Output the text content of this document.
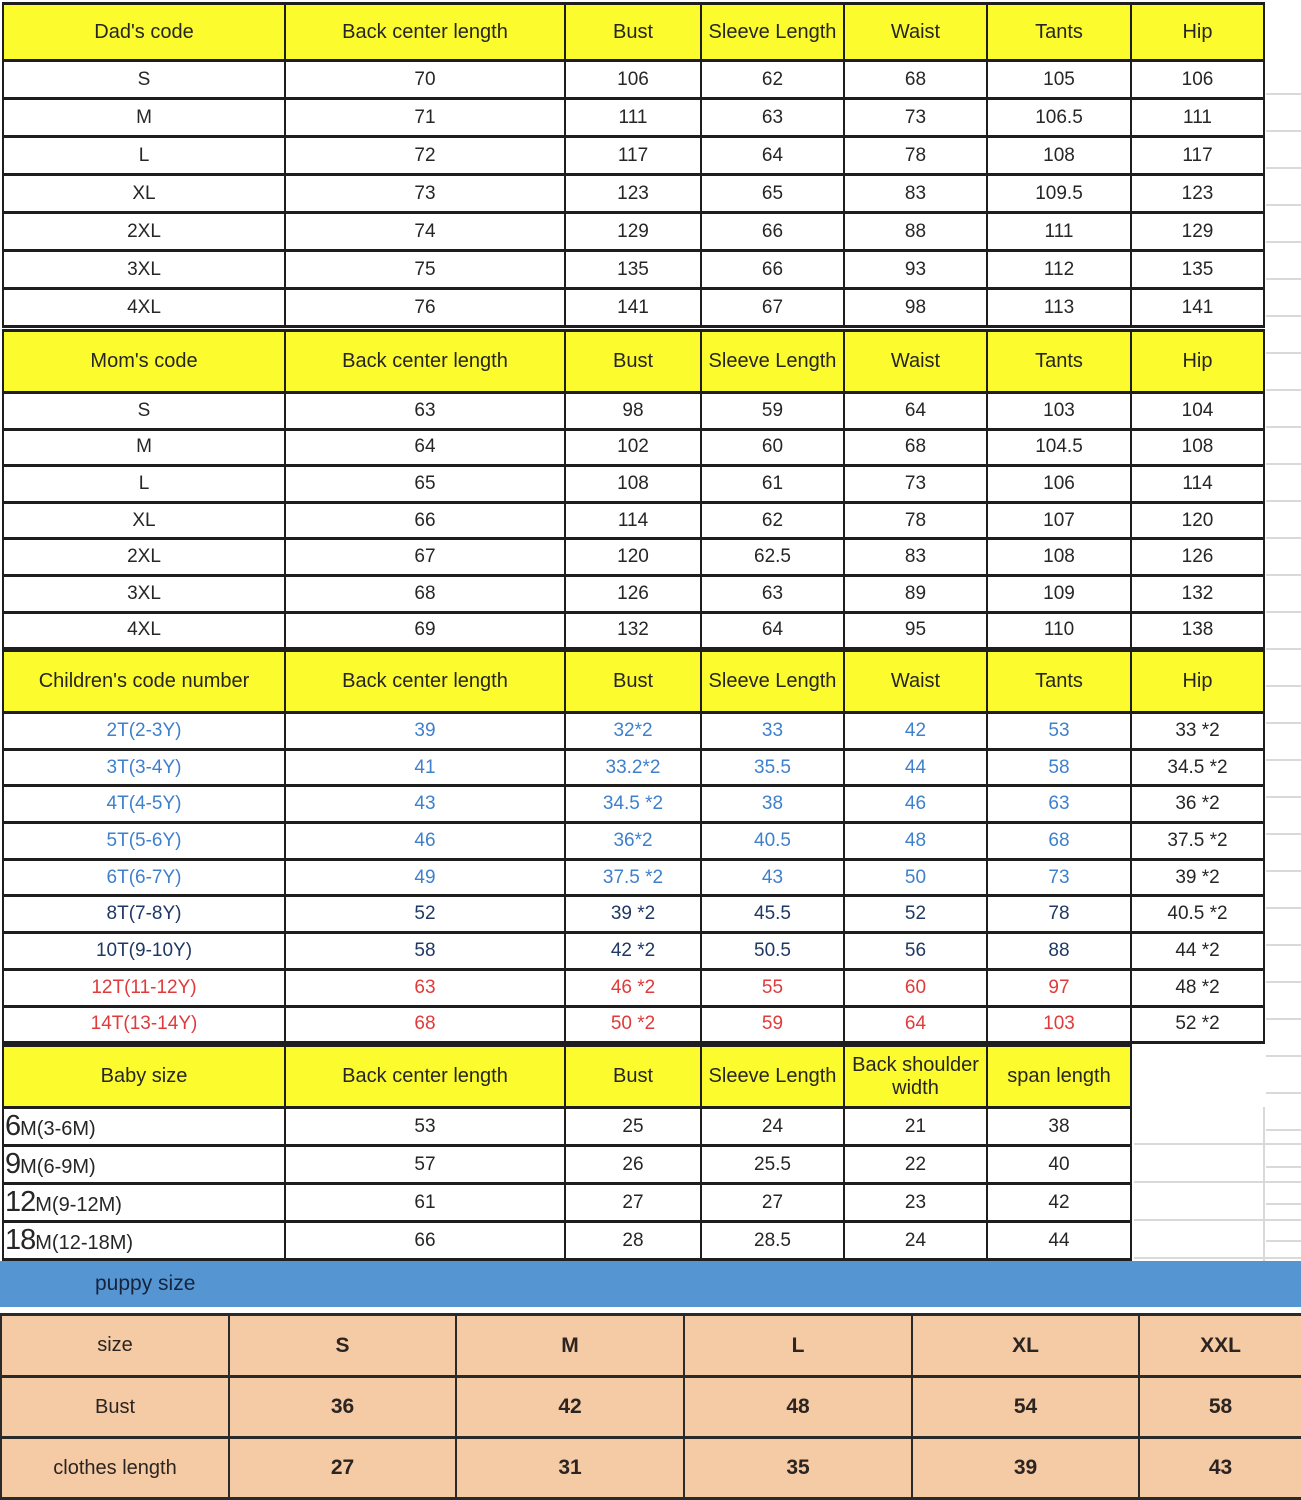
Dad's code	Back center length	Bust	Sleeve Length	Waist	Tants	Hip
S	70	106	62	68	105	106
M	71	111	63	73	106.5	111
L	72	117	64	78	108	117
XL	73	123	65	83	109.5	123
2XL	74	129	66	88	111	129
3XL	75	135	66	93	112	135
4XL	76	141	67	98	113	141
Mom's code	Back center length	Bust	Sleeve Length	Waist	Tants	Hip
S	63	98	59	64	103	104
M	64	102	60	68	104.5	108
L	65	108	61	73	106	114
XL	66	114	62	78	107	120
2XL	67	120	62.5	83	108	126
3XL	68	126	63	89	109	132
4XL	69	132	64	95	110	138
Children's code number	Back center length	Bust	Sleeve Length	Waist	Tants	Hip
2T(2-3Y)	39	32*2	33	42	53	33 *2
3T(3-4Y)	41	33.2*2	35.5	44	58	34.5 *2
4T(4-5Y)	43	34.5 *2	38	46	63	36 *2
5T(5-6Y)	46	36*2	40.5	48	68	37.5 *2
6T(6-7Y)	49	37.5 *2	43	50	73	39 *2
8T(7-8Y)	52	39 *2	45.5	52	78	40.5 *2
10T(9-10Y)	58	42 *2	50.5	56	88	44 *2
12T(11-12Y)	63	46 *2	55	60	97	48 *2
14T(13-14Y)	68	50 *2	59	64	103	52 *2
Baby size	Back center length	Bust	Sleeve Length	Back shoulder width	span length
6M(3-6M)	53	25	24	21	38
9M(6-9M)	57	26	25.5	22	40
12M(9-12M)	61	27	27	23	42
18M(12-18M)	66	28	28.5	24	44
puppy size
size	S	M	L	XL	XXL
Bust	36	42	48	54	58
clothes length	27	31	35	39	43
